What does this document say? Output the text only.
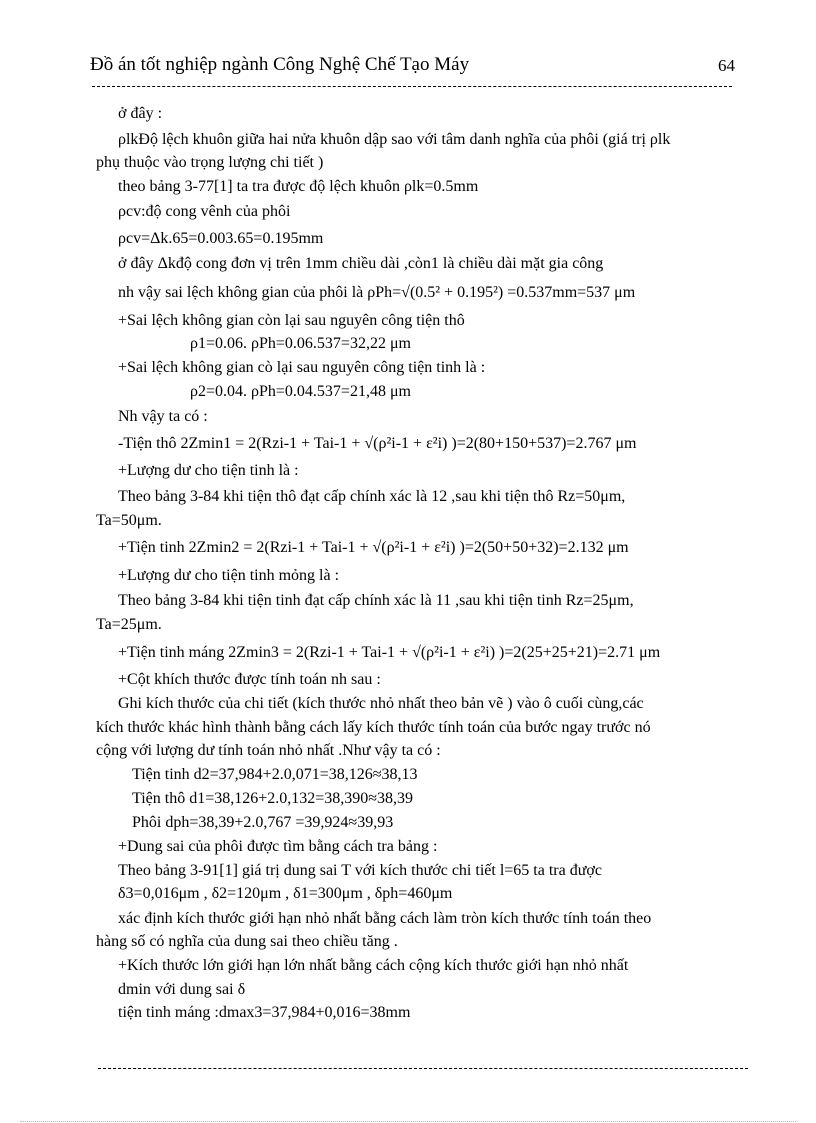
Đồ án tốt nghiệp ngành Công Nghệ Chế Tạo Máy	64
ở đây :
ρlkĐộ lệch khuôn giữa hai nửa khuôn dập sao với tâm danh nghĩa của phôi (giá trị ρlk
phụ thuộc vào trọng lượng chi tiết )
theo bảng 3-77[1] ta tra được độ lệch khuôn ρlk=0.5mm
ρcv:độ cong vênh của phôi
ρcv=Δk.65=0.003.65=0.195mm
ở đây Δkđộ cong đơn vị trên 1mm chiều dài ,còn1 là chiều dài mặt gia công
nh vậy sai lệch không gian của phôi là ρPh=√(0.5² + 0.195²) =0.537mm=537 μm
+Sai lệch không gian còn lại sau nguyên công tiện thô
ρ1=0.06. ρPh=0.06.537=32,22 μm
+Sai lệch không gian cò lại sau nguyên công tiện tinh là :
ρ2=0.04. ρPh=0.04.537=21,48 μm
Nh vậy ta có :
-Tiện thô 2Zmin1 = 2(Rzi-1 + Tai-1 + √(ρ²i-1 + ε²i) )=2(80+150+537)=2.767 μm
+Lượng dư cho tiện tinh là :
Theo bảng 3-84 khi tiện thô đạt cấp chính xác là 12 ,sau khi tiện thô Rz=50μm,
Ta=50μm.
+Tiện tinh 2Zmin2 = 2(Rzi-1 + Tai-1 + √(ρ²i-1 + ε²i) )=2(50+50+32)=2.132 μm
+Lượng dư cho tiện tinh mỏng là :
Theo bảng 3-84 khi tiện tinh đạt cấp chính xác là 11 ,sau khi tiện tinh Rz=25μm,
Ta=25μm.
+Tiện tinh máng 2Zmin3 = 2(Rzi-1 + Tai-1 + √(ρ²i-1 + ε²i) )=2(25+25+21)=2.71 μm
+Cột khích thước được tính toán nh sau :
Ghi kích thước của chi tiết (kích thước nhỏ nhất theo bản vẽ ) vào ô cuối cùng,các
kích thước khác hình thành bằng cách lấy kích thước tính toán của bước ngay trước nó
cộng với lượng dư tính toán nhỏ nhất .Như vậy ta có :
Tiện tinh d2=37,984+2.0,071=38,126≈38,13
Tiện thô d1=38,126+2.0,132=38,390≈38,39
Phôi dph=38,39+2.0,767 =39,924≈39,93
+Dung sai của phôi được tìm bằng cách tra bảng :
Theo bảng 3-91[1] giá trị dung sai T với kích thước chi tiết l=65 ta tra được
δ3=0,016μm , δ2=120μm , δ1=300μm , δph=460μm
xác định kích thước giới hạn nhỏ nhất bằng cách làm tròn kích thước tính toán theo
hàng số có nghĩa của dung sai theo chiều tăng .
+Kích thước lớn giới hạn lớn nhất bằng cách cộng kích thước giới hạn nhỏ nhất
dmin với dung sai δ
tiện tinh máng :dmax3=37,984+0,016=38mm
